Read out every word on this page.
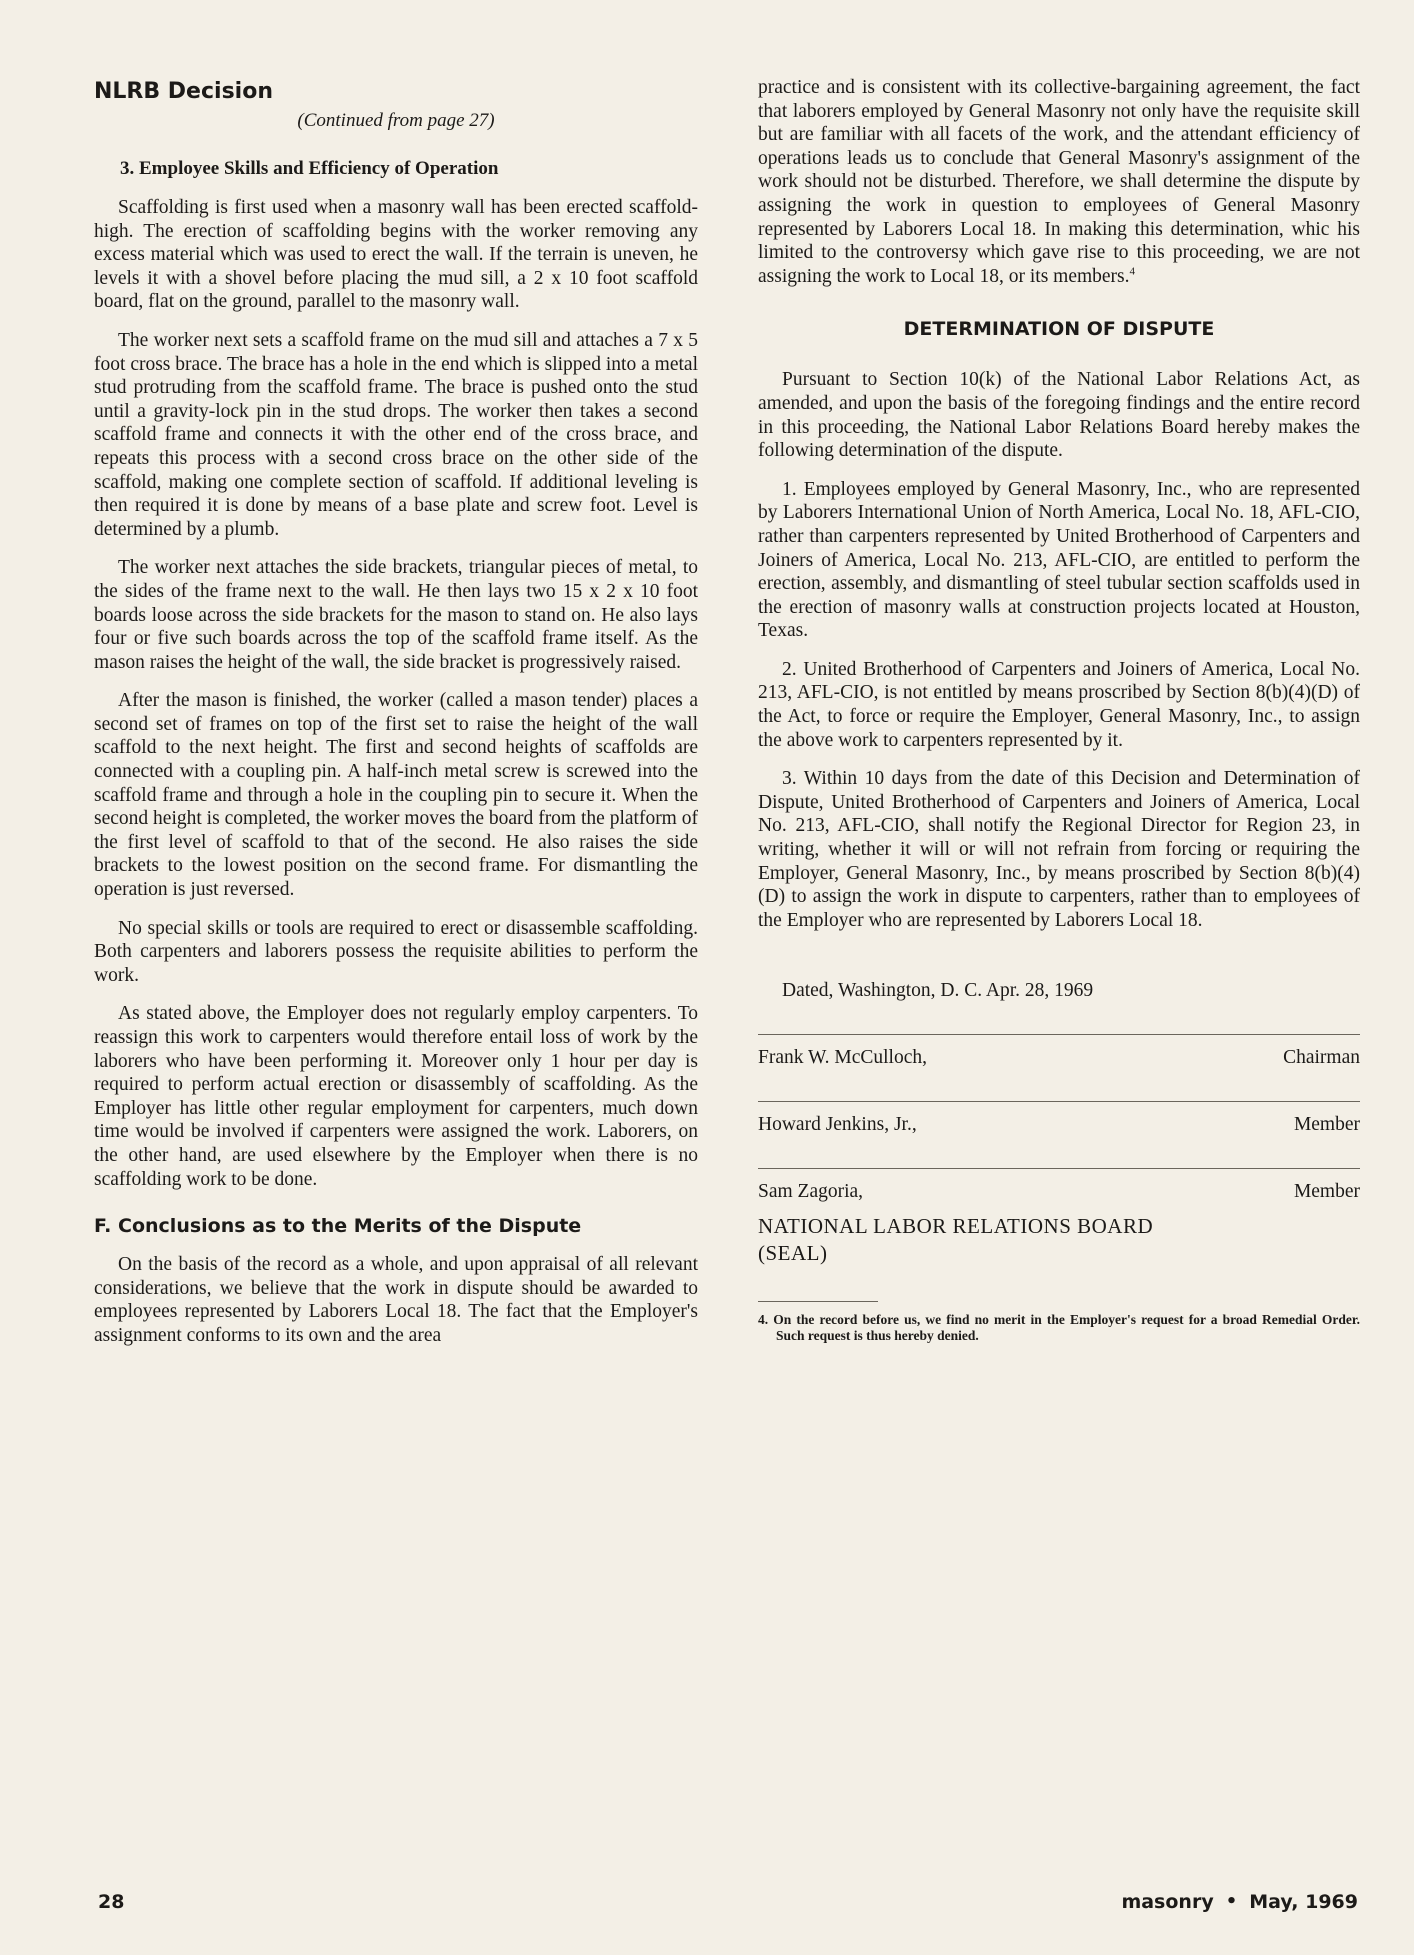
NLRB Decision

(Continued from page 27)

3. Employee Skills and Efficiency of Operation

Scaffolding is first used when a masonry wall has been erected scaffold-high. The erection of scaffolding begins with the worker removing any excess material which was used to erect the wall. If the terrain is uneven, he levels it with a shovel before placing the mud sill, a 2 x 10 foot scaffold board, flat on the ground, parallel to the masonry wall.

The worker next sets a scaffold frame on the mud sill and attaches a 7 x 5 foot cross brace. The brace has a hole in the end which is slipped into a metal stud protruding from the scaffold frame. The brace is pushed onto the stud until a gravity-lock pin in the stud drops. The worker then takes a second scaffold frame and connects it with the other end of the cross brace, and repeats this process with a second cross brace on the other side of the scaffold, making one complete section of scaffold. If additional leveling is then required it is done by means of a base plate and screw foot. Level is determined by a plumb.

The worker next attaches the side brackets, triangular pieces of metal, to the sides of the frame next to the wall. He then lays two 15 x 2 x 10 foot boards loose across the side brackets for the mason to stand on. He also lays four or five such boards across the top of the scaffold frame itself. As the mason raises the height of the wall, the side bracket is progressively raised.

After the mason is finished, the worker (called a mason tender) places a second set of frames on top of the first set to raise the height of the wall scaffold to the next height. The first and second heights of scaffolds are connected with a coupling pin. A half-inch metal screw is screwed into the scaffold frame and through a hole in the coupling pin to secure it. When the second height is completed, the worker moves the board from the platform of the first level of scaffold to that of the second. He also raises the side brackets to the lowest position on the second frame. For dismantling the operation is just reversed.

No special skills or tools are required to erect or disassemble scaffolding. Both carpenters and laborers possess the requisite abilities to perform the work.

As stated above, the Employer does not regularly employ carpenters. To reassign this work to carpenters would therefore entail loss of work by the laborers who have been performing it. Moreover only 1 hour per day is required to perform actual erection or disassembly of scaffolding. As the Employer has little other regular employment for carpenters, much down time would be involved if carpenters were assigned the work. Laborers, on the other hand, are used elsewhere by the Employer when there is no scaffolding work to be done.

F. Conclusions as to the Merits of the Dispute

On the basis of the record as a whole, and upon appraisal of all relevant considerations, we believe that the work in dispute should be awarded to employees represented by Laborers Local 18. The fact that the Employer's assignment conforms to its own and the area

practice and is consistent with its collective-bargaining agreement, the fact that laborers employed by General Masonry not only have the requisite skill but are familiar with all facets of the work, and the attendant efficiency of operations leads us to conclude that General Masonry's assignment of the work should not be disturbed. Therefore, we shall determine the dispute by assigning the work in question to employees of General Masonry represented by Laborers Local 18. In making this determination, whic his limited to the controversy which gave rise to this proceeding, we are not assigning the work to Local 18, or its members.$^4$

DETERMINATION OF DISPUTE

Pursuant to Section 10(k) of the National Labor Relations Act, as amended, and upon the basis of the foregoing findings and the entire record in this proceeding, the National Labor Relations Board hereby makes the following determination of the dispute.

1. Employees employed by General Masonry, Inc., who are represented by Laborers International Union of North America, Local No. 18, AFL-CIO, rather than carpenters represented by United Brotherhood of Carpenters and Joiners of America, Local No. 213, AFL-CIO, are entitled to perform the erection, assembly, and dismantling of steel tubular section scaffolds used in the erection of masonry walls at construction projects located at Houston, Texas.

2. United Brotherhood of Carpenters and Joiners of America, Local No. 213, AFL-CIO, is not entitled by means proscribed by Section 8(b)(4)(D) of the Act, to force or require the Employer, General Masonry, Inc., to assign the above work to carpenters represented by it.

3. Within 10 days from the date of this Decision and Determination of Dispute, United Brotherhood of Carpenters and Joiners of America, Local No. 213, AFL-CIO, shall notify the Regional Director for Region 23, in writing, whether it will or will not refrain from forcing or requiring the Employer, General Masonry, Inc., by means proscribed by Section 8(b)(4)(D) to assign the work in dispute to carpenters, rather than to employees of the Employer who are represented by Laborers Local 18.

Dated, Washington, D. C. Apr. 28, 1969

Frank W. McCulloch,	Chairman
Howard Jenkins, Jr.,	Member
Sam Zagoria,	Member

NATIONAL LABOR RELATIONS BOARD

(SEAL)

4. On the record before us, we find no merit in the Employer's request for a broad Remedial Order. Such request is thus hereby denied.

28	masonry • May, 1969
